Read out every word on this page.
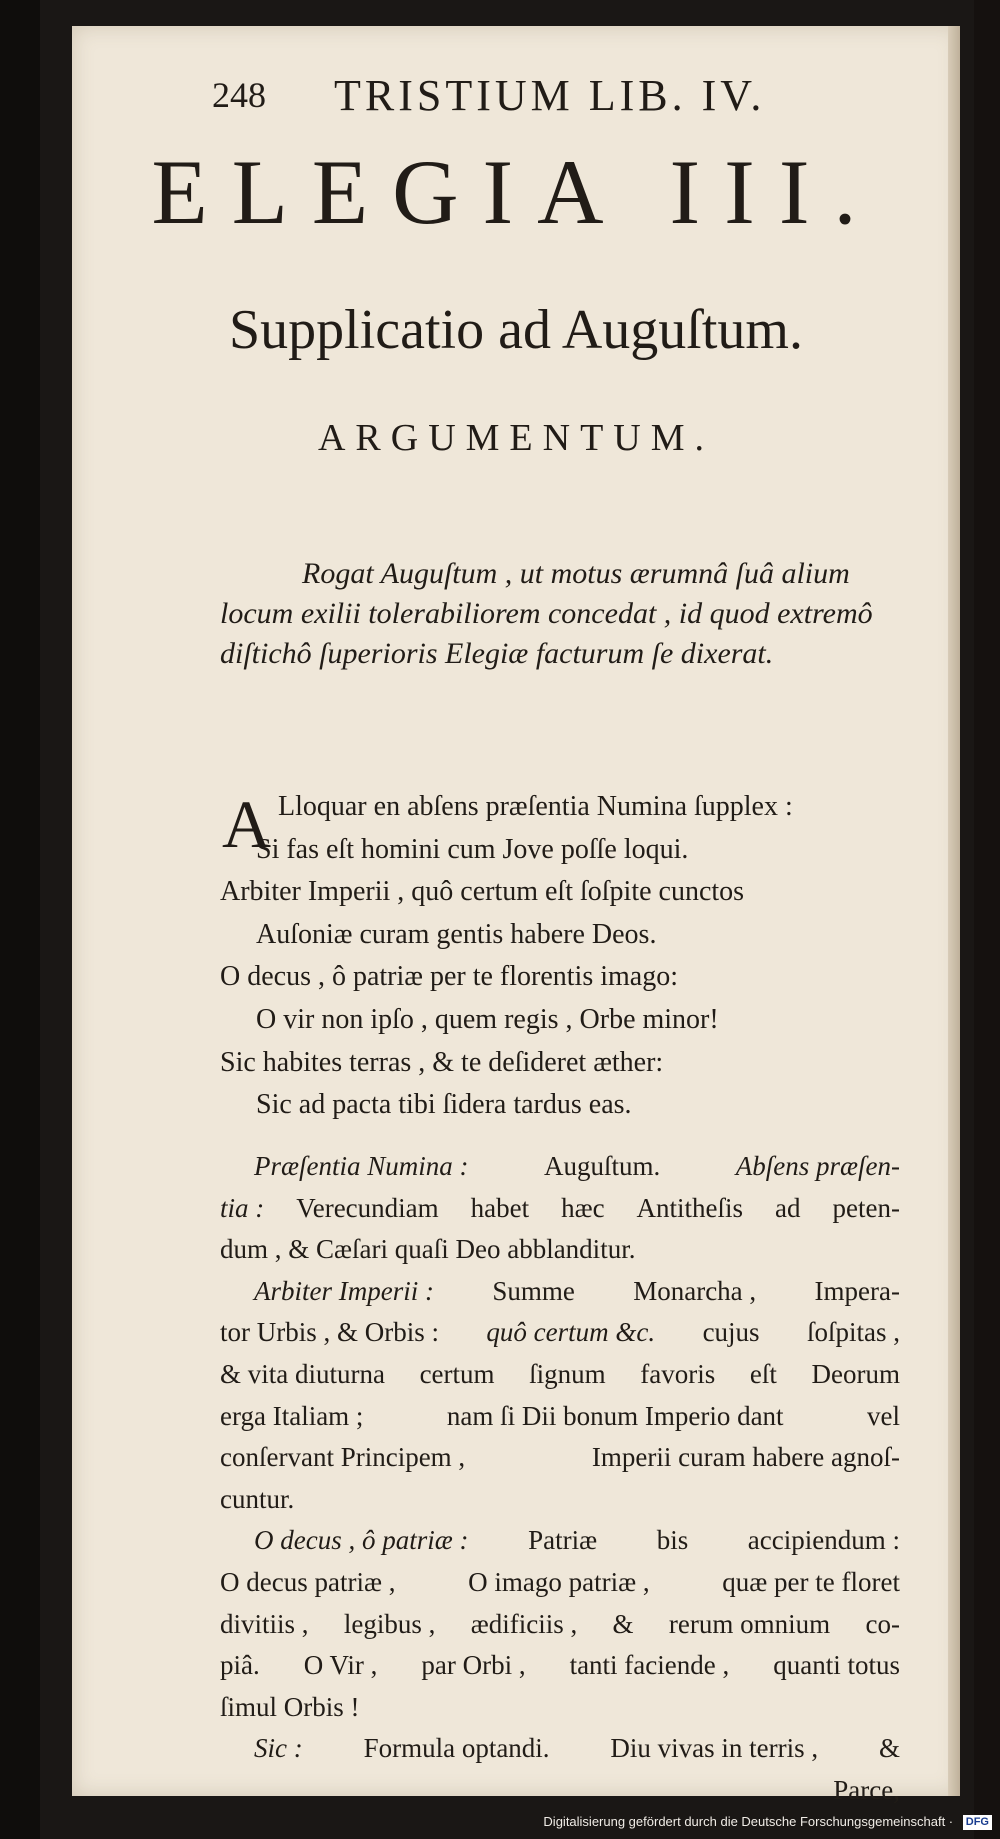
248 TRISTIUM LIB. IV.
ELEGIA III.
Supplicatio ad Auguſtum.
ARGUMENTUM.
Rogat Auguſtum , ut motus ærumnâ ſuâ alium
locum exilii tolerabiliorem concedat , id quod extremô
diſtichô ſuperioris Elegiæ facturum ſe dixerat.
A Lloquar en abſens præſentia Numina ſupplex :
Si fas eſt homini cum Jove poſſe loqui.
Arbiter Imperii , quô certum eſt ſoſpite cunctos
Auſoniæ curam gentis habere Deos.
O decus , ô patriæ per te florentis imago:
O vir non ipſo , quem regis , Orbe minor!
Sic habites terras , & te deſideret æther:
Sic ad pacta tibi ſidera tardus eas.
Præſentia Numina :	Auguſtum.	Abſens præſen-
tia : Verecundiam habet hæc Antitheſis ad peten-
dum , & Cæſari quaſi Deo abblanditur.
Arbiter Imperii : Summe Monarcha , Impera-
tor Urbis , & Orbis : quô certum &c. cujus ſoſpitas ,
& vita diuturna certum ſignum favoris eſt Deorum
erga Italiam ;	nam ſi Dii bonum Imperio dant	vel
conſervant Principem ,	Imperii curam habere agnoſ-
cuntur.
O decus , ô patriæ : Patriæ bis accipiendum :
O decus patriæ ,	O imago patriæ ,	quæ per te floret
divitiis , legibus , ædificiis , & rerum omnium co-
piâ. O Vir , par Orbi , tanti faciende , quanti totus
ſimul Orbis !
Sic : Formula optandi. Diu vivas in terris , &
Parce,
Digitalisierung gefördert durch die Deutsche Forschungsgemeinschaft · DFG
